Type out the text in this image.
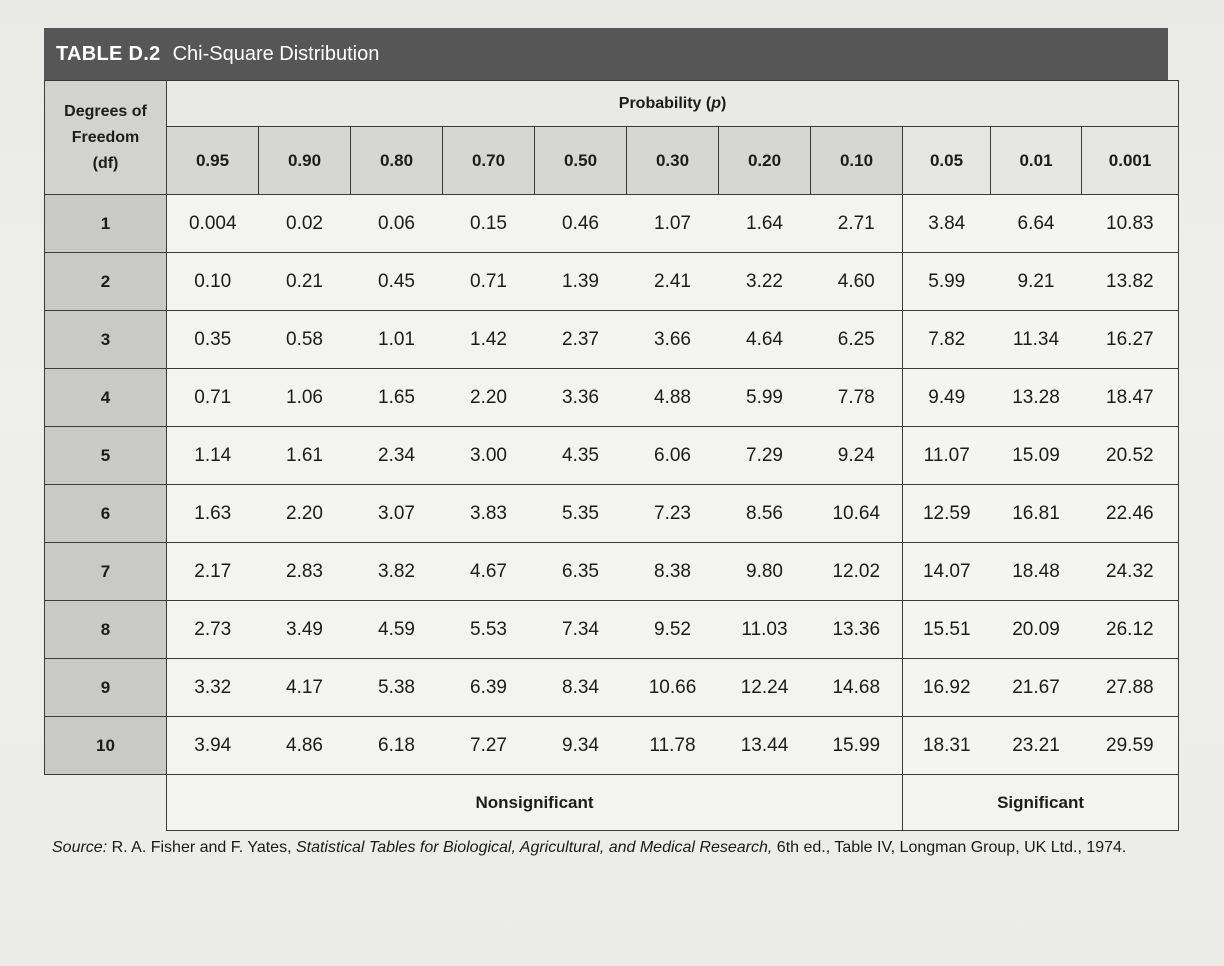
TABLE D.2 Chi-Square Distribution
Degrees of
Freedom
(df)	Probability (p)										
	0.95	0.90	0.80	0.70	0.50	0.30	0.20	0.10	0.05	0.01	0.001
1	0.004	0.02	0.06	0.15	0.46	1.07	1.64	2.71	3.84	6.64	10.83
2	0.10	0.21	0.45	0.71	1.39	2.41	3.22	4.60	5.99	9.21	13.82
3	0.35	0.58	1.01	1.42	2.37	3.66	4.64	6.25	7.82	11.34	16.27
4	0.71	1.06	1.65	2.20	3.36	4.88	5.99	7.78	9.49	13.28	18.47
5	1.14	1.61	2.34	3.00	4.35	6.06	7.29	9.24	11.07	15.09	20.52
6	1.63	2.20	3.07	3.83	5.35	7.23	8.56	10.64	12.59	16.81	22.46
7	2.17	2.83	3.82	4.67	6.35	8.38	9.80	12.02	14.07	18.48	24.32
8	2.73	3.49	4.59	5.53	7.34	9.52	11.03	13.36	15.51	20.09	26.12
9	3.32	4.17	5.38	6.39	8.34	10.66	12.24	14.68	16.92	21.67	27.88
10	3.94	4.86	6.18	7.27	9.34	11.78	13.44	15.99	18.31	23.21	29.59
	Nonsignificant								Significant		
Source: R. A. Fisher and F. Yates, Statistical Tables for Biological, Agricultural, and Medical Research, 6th ed., Table IV, Longman Group, UK Ltd., 1974.
